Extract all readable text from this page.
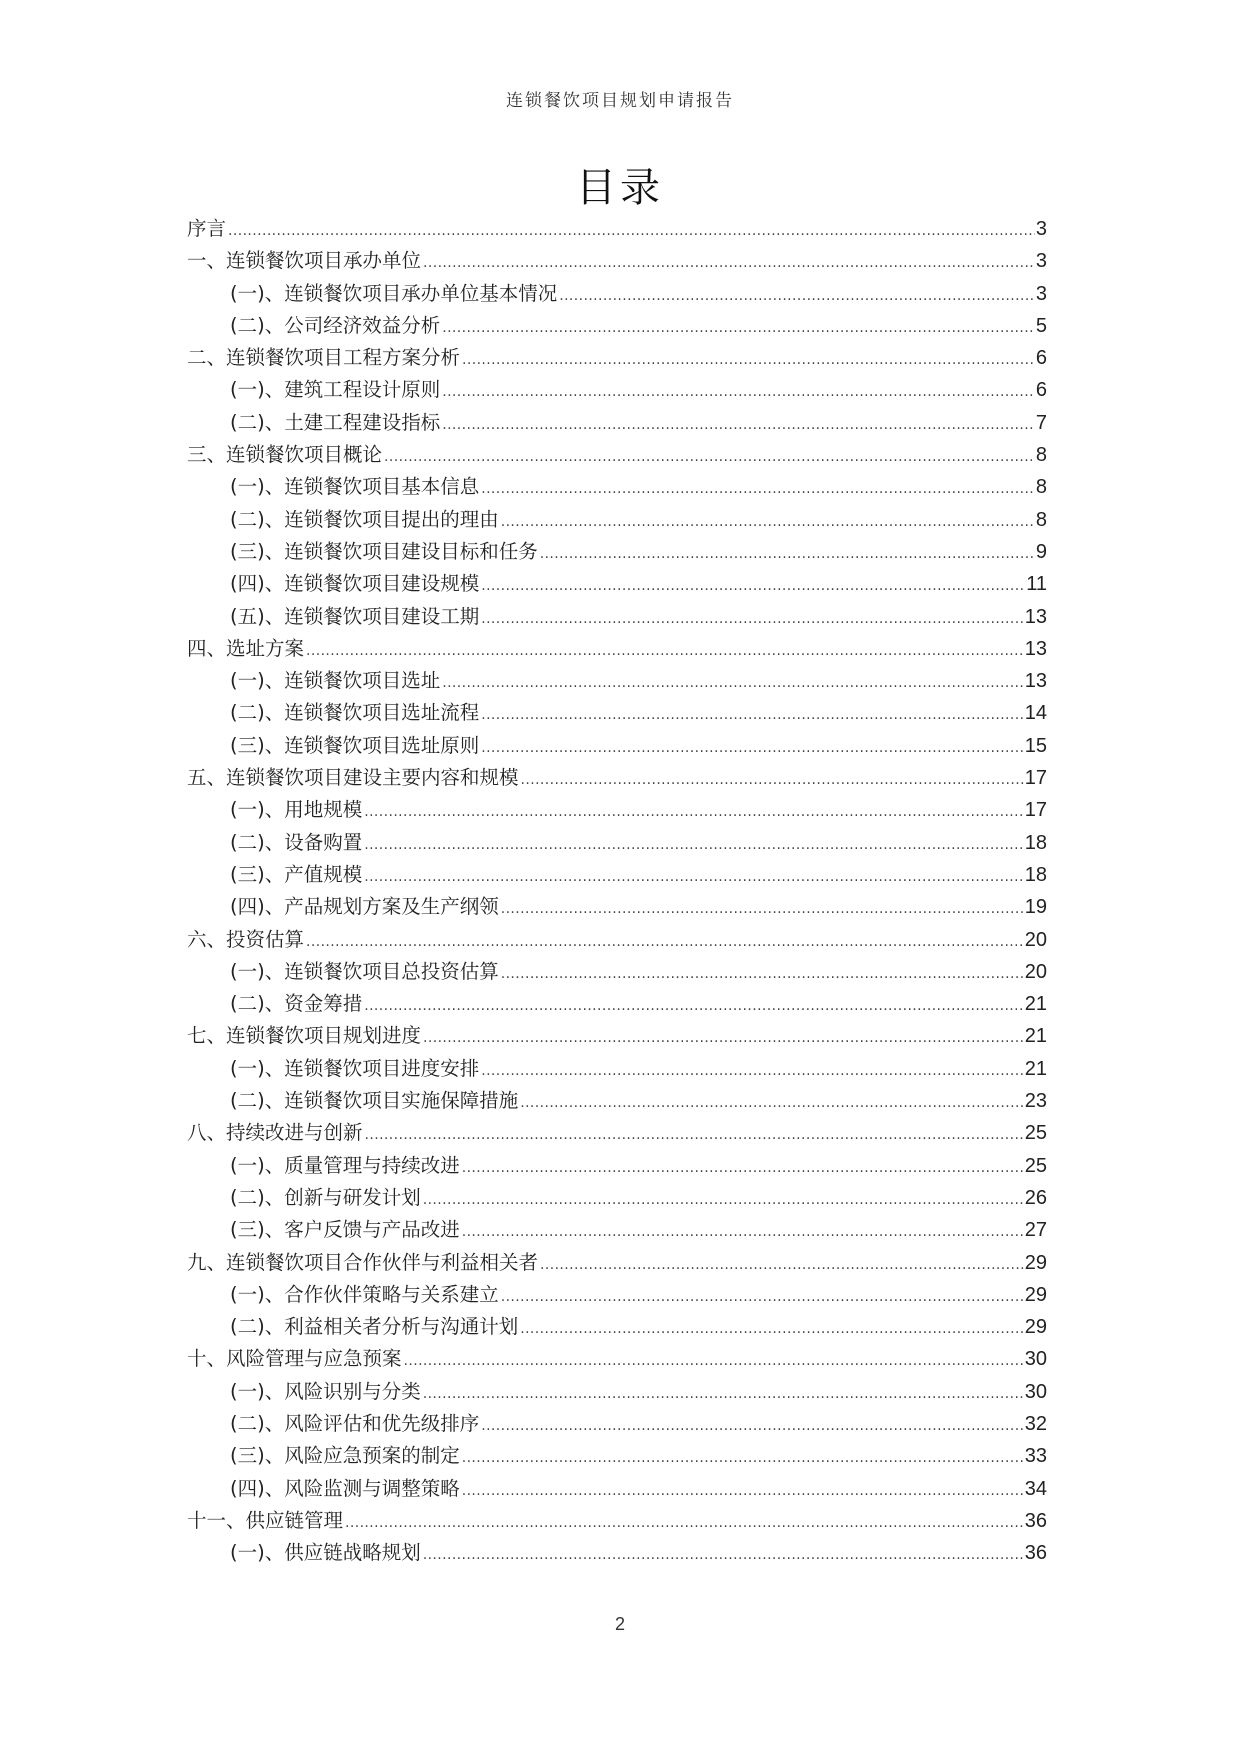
连锁餐饮项目规划申请报告
目录
序言 .....	3
一、连锁餐饮项目承办单位 .....	3
(一)、连锁餐饮项目承办单位基本情况 .....	3
(二)、公司经济效益分析 .....	5
二、连锁餐饮项目工程方案分析 .....	6
(一)、建筑工程设计原则 .....	6
(二)、土建工程建设指标 .....	7
三、连锁餐饮项目概论 .....	8
(一)、连锁餐饮项目基本信息 .....	8
(二)、连锁餐饮项目提出的理由 .....	8
(三)、连锁餐饮项目建设目标和任务 .....	9
(四)、连锁餐饮项目建设规模 .....	11
(五)、连锁餐饮项目建设工期 .....	13
四、选址方案 .....	13
(一)、连锁餐饮项目选址 .....	13
(二)、连锁餐饮项目选址流程 .....	14
(三)、连锁餐饮项目选址原则 .....	15
五、连锁餐饮项目建设主要内容和规模 .....	17
(一)、用地规模 .....	17
(二)、设备购置 .....	18
(三)、产值规模 .....	18
(四)、产品规划方案及生产纲领 .....	19
六、投资估算 .....	20
(一)、连锁餐饮项目总投资估算 .....	20
(二)、资金筹措 .....	21
七、连锁餐饮项目规划进度 .....	21
(一)、连锁餐饮项目进度安排 .....	21
(二)、连锁餐饮项目实施保障措施 .....	23
八、持续改进与创新 .....	25
(一)、质量管理与持续改进 .....	25
(二)、创新与研发计划 .....	26
(三)、客户反馈与产品改进 .....	27
九、连锁餐饮项目合作伙伴与利益相关者 .....	29
(一)、合作伙伴策略与关系建立 .....	29
(二)、利益相关者分析与沟通计划 .....	29
十、风险管理与应急预案 .....	30
(一)、风险识别与分类 .....	30
(二)、风险评估和优先级排序 .....	32
(三)、风险应急预案的制定 .....	33
(四)、风险监测与调整策略 .....	34
十一、供应链管理 .....	36
(一)、供应链战略规划 .....	36
2
